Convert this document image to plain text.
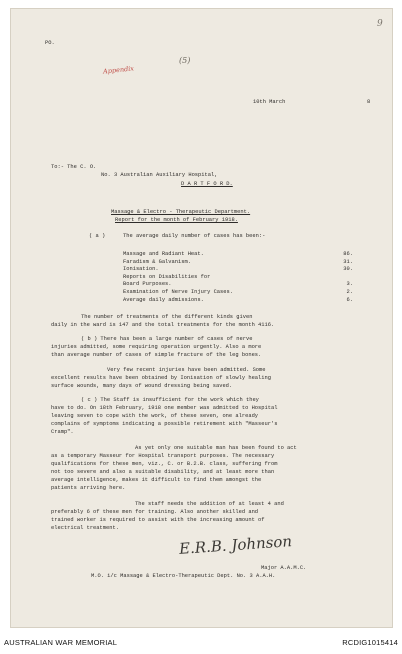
9
PO.
Appendix
(5)
10th March	8
To:- The C. O.
No. 3 Australian Auxiliary Hospital,
D A R T F O R D.
Massage & Electro - Therapeutic Department.
Report for the month of February 1918.
( a )	The average daily number of cases has been:-
Massage and Radiant Heat.	86.
Faradism & Galvanism.	31.
Ionisation.	30.
Reports on Disabilities for
Board Purposes.	3.
Examination of Nerve Injury Cases.	2.
Average daily admissions.	6.
The number of treatments of the different kinds given
daily in the ward is 147 and the total treatments for the month 4116.
( b ) There has been a large number of cases of nerve
injuries admitted, some requiring operation urgently. Also a more
than average number of cases of simple fracture of the leg bones.
Very few recent injuries have been admitted. Some
excellent results have been obtained by Ionisation of slowly healing
surface wounds, many days of wound dressing being saved.
( c ) The Staff is insufficient for the work which they
have to do. On 18th February, 1918 one member was admitted to Hospital
leaving seven to cope with the work, of these seven, one already
complains of symptoms indicating a possible retirement with "Masseur's
Cramp".
As yet only one suitable man has been found to act
as a temporary Masseur for Hospital transport purposes. The necessary
qualifications for these men, viz., C. or B.2.B. class, suffering from
not too severe and also a suitable disability, and at least more than
average intelligence, makes it difficult to find them amongst the
patients arriving here.
The staff needs the addition of at least 4 and
preferably 6 of these men for training. Also another skilled and
trained worker is required to assist with the increasing amount of
electrical treatment.
E.R.B. Johnson
Major A.A.M.C.
M.O. i/c Massage & Electro-Therapeutic Dept. No. 3 A.A.H.
AUSTRALIAN WAR MEMORIAL	RCDIG1015414
